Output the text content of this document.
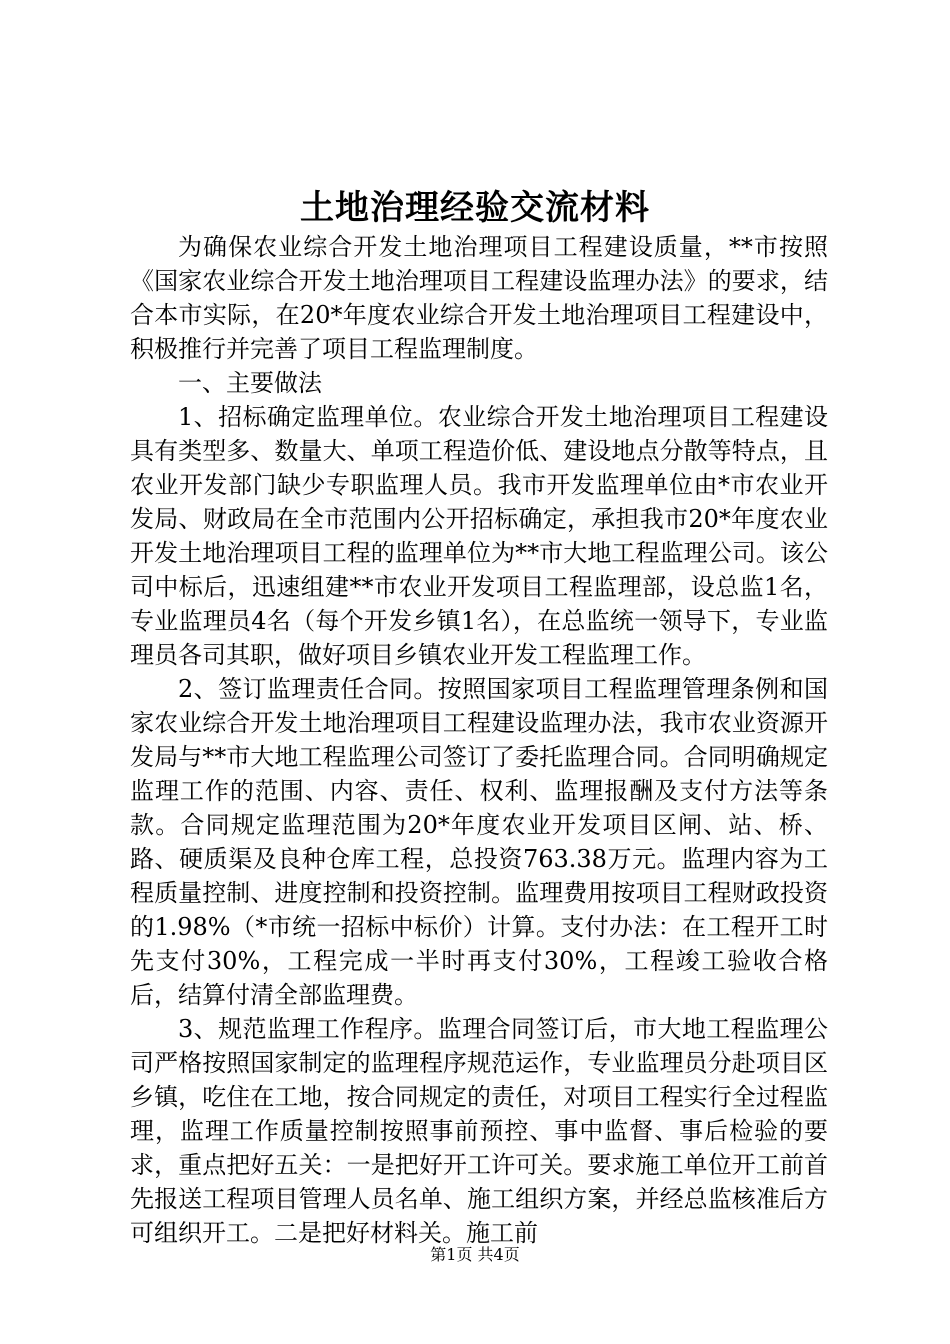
土地治理经验交流材料

为确保农业综合开发土地治理项目工程建设质量，**市按照《国家农业综合开发土地治理项目工程建设监理办法》的要求，结合本市实际，在20*年度农业综合开发土地治理项目工程建设中，积极推行并完善了项目工程监理制度。

一、主要做法

1、招标确定监理单位。农业综合开发土地治理项目工程建设具有类型多、数量大、单项工程造价低、建设地点分散等特点，且农业开发部门缺少专职监理人员。我市开发监理单位由*市农业开发局、财政局在全市范围内公开招标确定，承担我市20*年度农业开发土地治理项目工程的监理单位为**市大地工程监理公司。该公司中标后，迅速组建**市农业开发项目工程监理部，设总监1名，专业监理员4名（每个开发乡镇1名），在总监统一领导下，专业监理员各司其职，做好项目乡镇农业开发工程监理工作。

2、签订监理责任合同。按照国家项目工程监理管理条例和国家农业综合开发土地治理项目工程建设监理办法，我市农业资源开发局与**市大地工程监理公司签订了委托监理合同。合同明确规定监理工作的范围、内容、责任、权利、监理报酬及支付方法等条款。合同规定监理范围为20*年度农业开发项目区闸、站、桥、路、硬质渠及良种仓库工程，总投资763.38万元。监理内容为工程质量控制、进度控制和投资控制。监理费用按项目工程财政投资的1.98%（*市统一招标中标价）计算。支付办法：在工程开工时先支付30%，工程完成一半时再支付30%，工程竣工验收合格后，结算付清全部监理费。

3、规范监理工作程序。监理合同签订后，市大地工程监理公司严格按照国家制定的监理程序规范运作，专业监理员分赴项目区乡镇，吃住在工地，按合同规定的责任，对项目工程实行全过程监理，监理工作质量控制按照事前预控、事中监督、事后检验的要求，重点把好五关：一是把好开工许可关。要求施工单位开工前首先报送工程项目管理人员名单、施工组织方案，并经总监核准后方可组织开工。二是把好材料关。施工前

第1页 共4页
